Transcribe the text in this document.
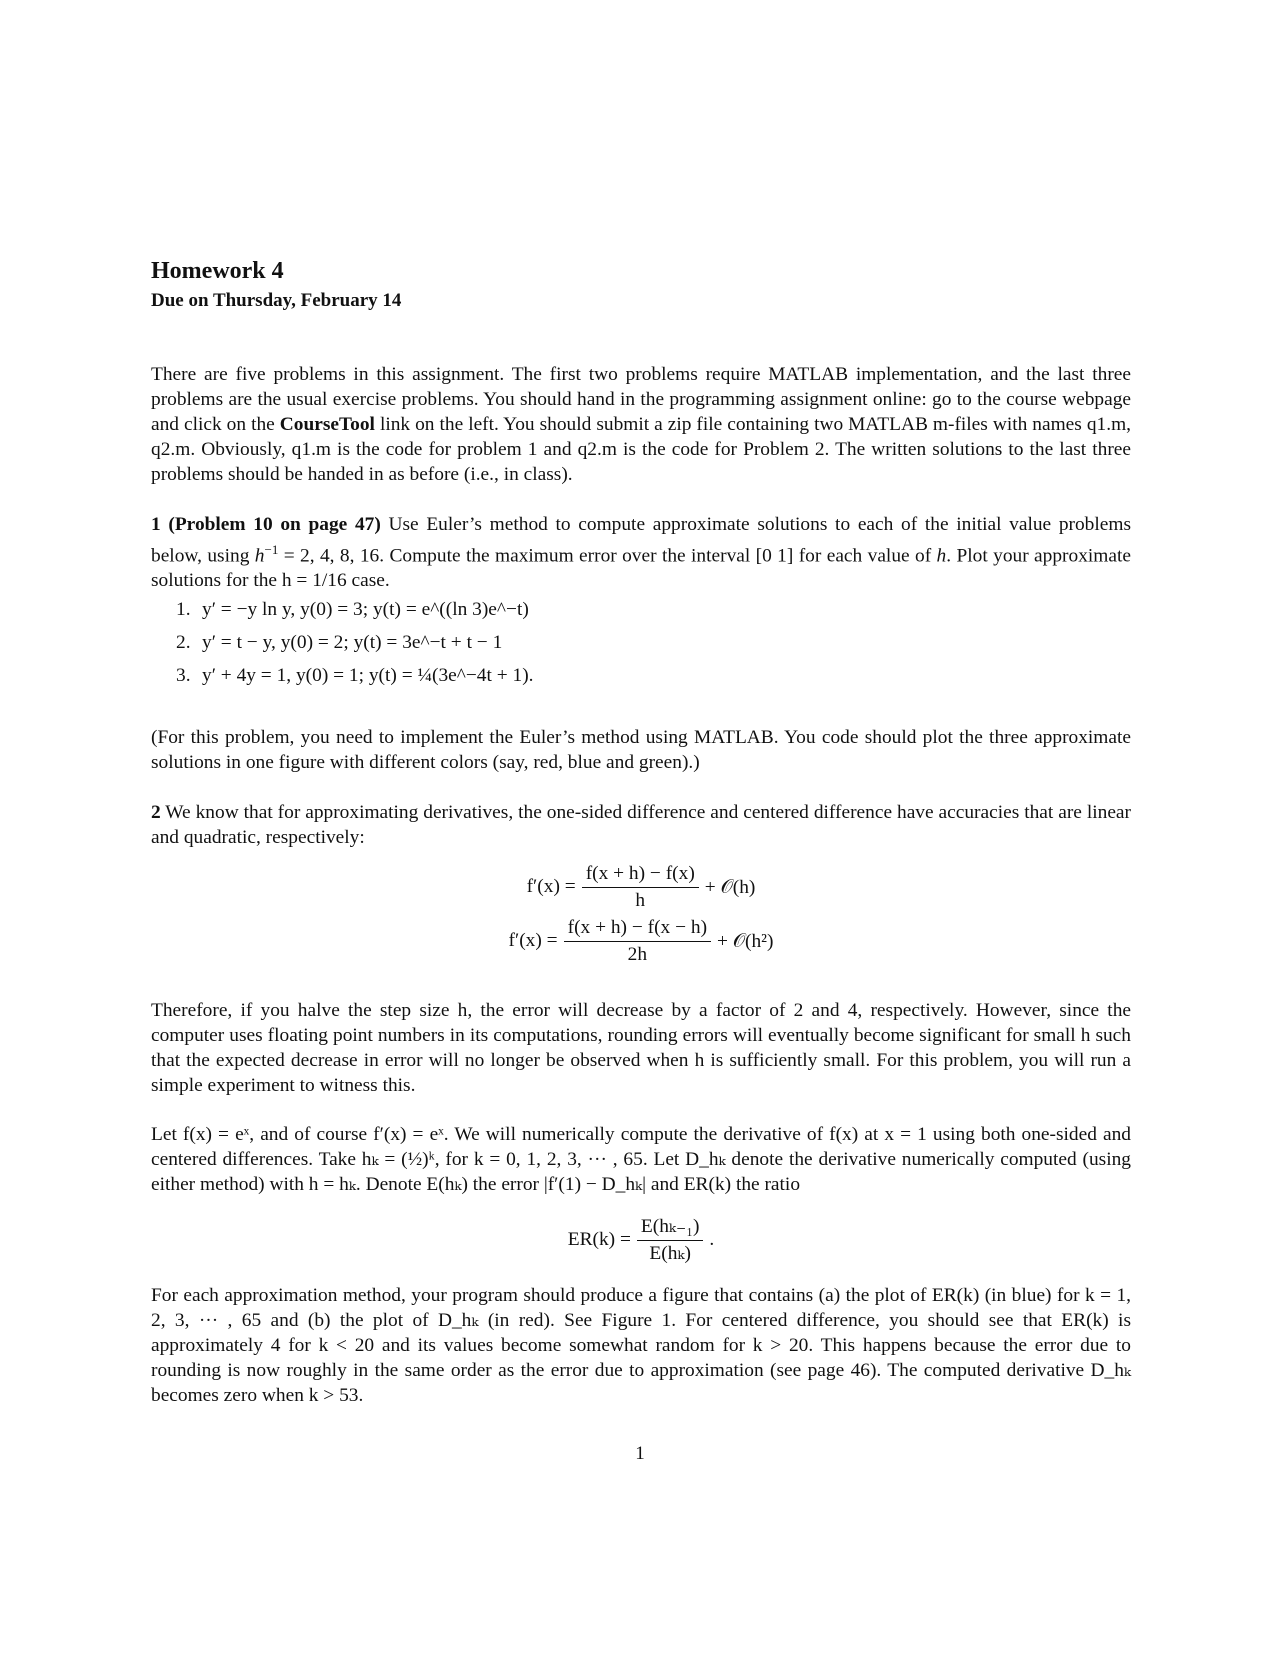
Homework 4
Due on Thursday, February 14

There are five problems in this assignment. The first two problems require MATLAB implementation, and the last three problems are the usual exercise problems. You should hand in the programming assignment online: go to the course webpage and click on the CourseTool link on the left. You should submit a zip file containing two MATLAB m-files with names q1.m, q2.m. Obviously, q1.m is the code for problem 1 and q2.m is the code for Problem 2. The written solutions to the last three problems should be handed in as before (i.e., in class).

1 (Problem 10 on page 47) Use Euler’s method to compute approximate solutions to each of the initial value problems below, using $h^{-1} = 2$, 4, 8, 16. Compute the maximum error over the interval [0 1] for each value of h. Plot your approximate solutions for the h = 1/16 case.

1. y′ = −y ln y, y(0) = 3; y(t) = e^((ln 3)e^−t)
2. y′ = t − y, y(0) = 2; y(t) = 3e^−t + t − 1
3. y′ + 4y = 1, y(0) = 1; y(t) = ¼(3e^−4t + 1).

(For this problem, you need to implement the Euler’s method using MATLAB. You code should plot the three approximate solutions in one figure with different colors (say, red, blue and green).)

2 We know that for approximating derivatives, the one-sided difference and centered difference have accuracies that are linear and quadratic, respectively:

$f'(x) = \frac{f(x + h) - f(x)}{h}$ + 𝒪(h)
$f'(x) = \frac{f(x + h) - f(x - h)}{2h}$ + 𝒪(h²)

Therefore, if you halve the step size h, the error will decrease by a factor of 2 and 4, respectively. However, since the computer uses floating point numbers in its computations, rounding errors will eventually become significant for small h such that the expected decrease in error will no longer be observed when h is sufficiently small. For this problem, you will run a simple experiment to witness this.

Let f(x) = eˣ, and of course f′(x) = eˣ. We will numerically compute the derivative of f(x) at x = 1 using both one-sided and centered differences. Take hₖ = (½)ᵏ, for k = 0, 1, 2, 3, ··· , 65. Let D_hₖ denote the derivative numerically computed (using either method) with h = hₖ. Denote E(hₖ) the error |f′(1) − D_hₖ| and ER(k) the ratio

$ER(k) = \frac{\text{E(hₖ₋₁)}}{\text{E(hₖ)}}$ .

For each approximation method, your program should produce a figure that contains (a) the plot of ER(k) (in blue) for k = 1, 2, 3, ··· , 65 and (b) the plot of D_hₖ (in red). See Figure 1. For centered difference, you should see that ER(k) is approximately 4 for k < 20 and its values become somewhat random for k > 20. This happens because the error due to rounding is now roughly in the same order as the error due to approximation (see page 46). The computed derivative D_hₖ becomes zero when k > 53.

1
